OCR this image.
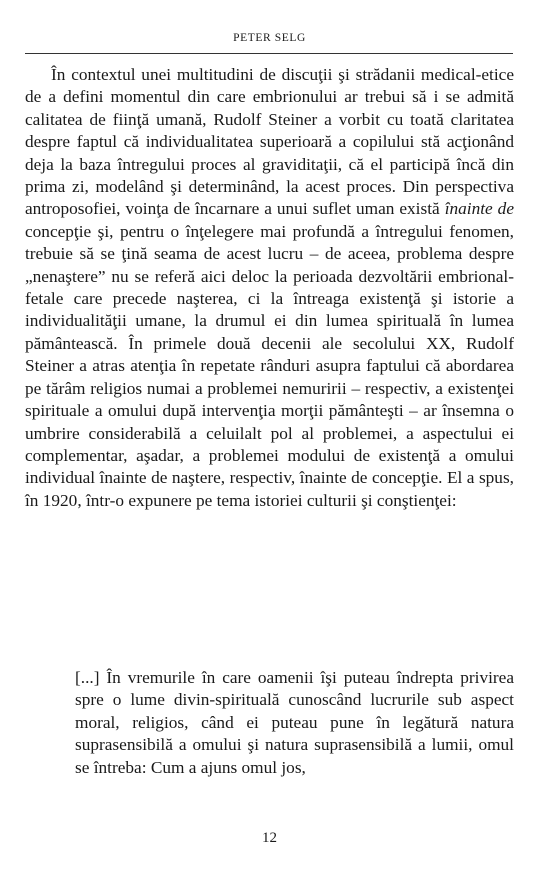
PETER SELG

În contextul unei multitudini de discuţii şi strădanii medical-etice de a defini momentul din care embrionului ar trebui să i se admită calitatea de fiinţă umană, Rudolf Steiner a vorbit cu toată claritatea despre faptul că individualitatea superioară a copilului stă acţionând deja la baza întregului proces al graviditaţii, că el participă încă din prima zi, modelând şi determinând, la acest proces. Din perspectiva antroposofiei, voinţa de încarnare a unui suflet uman există înainte de concepţie şi, pentru o înţelegere mai profundă a întregului fenomen, trebuie să se ţină seama de acest lucru – de aceea, problema despre „nenaştere” nu se referă aici deloc la perioada dezvoltării embrional-fetale care precede naşterea, ci la întreaga existenţă şi istorie a individualităţii umane, la drumul ei din lumea spirituală în lumea pământească. În primele două decenii ale secolului XX, Rudolf Steiner a atras atenţia în repetate rânduri asupra faptului că abordarea pe tărâm religios numai a problemei nemuririi – respectiv, a existenţei spirituale a omului după intervenţia morţii pământeşti – ar însemna o umbrire considerabilă a celuilalt pol al problemei, a aspectului ei complementar, aşadar, a problemei modului de existenţă a omului individual înainte de naştere, respectiv, înainte de concepţie. El a spus, în 1920, într-o expunere pe tema istoriei culturii şi conştienţei:

[...] În vremurile în care oamenii îşi puteau îndrepta privirea spre o lume divin-spirituală cunoscând lucrurile sub aspect moral, religios, când ei puteau pune în legătură natura suprasensibilă a omului şi natura suprasensibilă a lumii, omul se întreba: Cum a ajuns omul jos,

12
